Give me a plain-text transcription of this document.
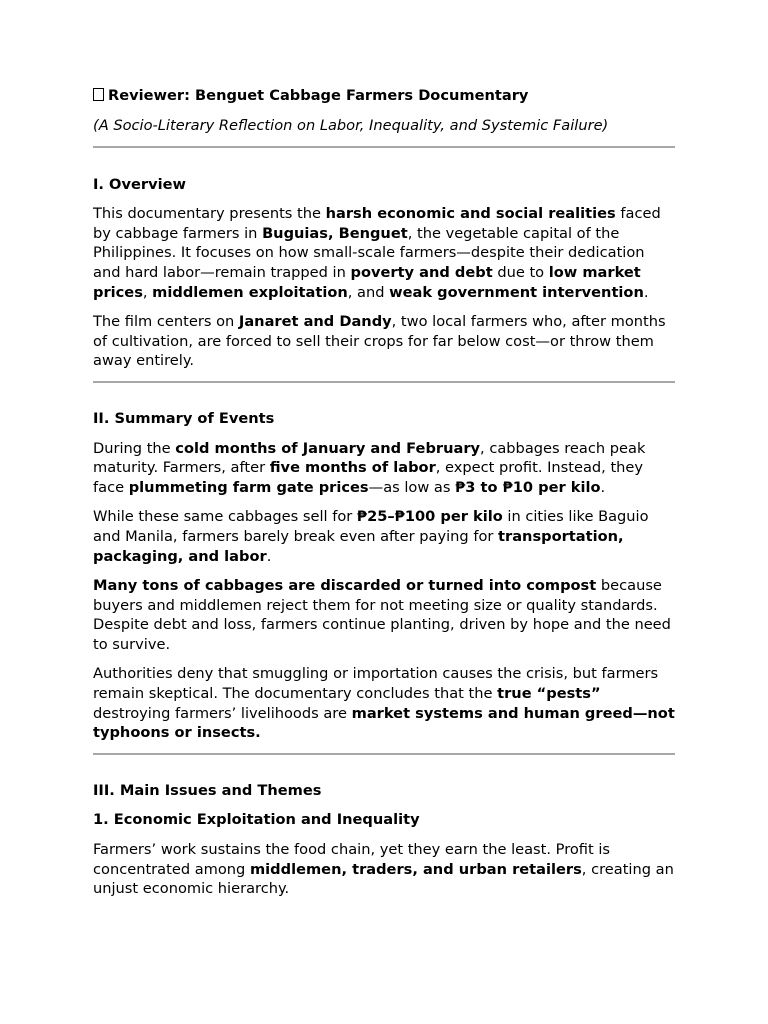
Reviewer: Benguet Cabbage Farmers Documentary

(A Socio-Literary Reflection on Labor, Inequality, and Systemic Failure)

I. Overview

This documentary presents the harsh economic and social realities faced by cabbage farmers in Buguias, Benguet, the vegetable capital of the Philippines. It focuses on how small-scale farmers—despite their dedication and hard labor—remain trapped in poverty and debt due to low market prices, middlemen exploitation, and weak government intervention.

The film centers on Janaret and Dandy, two local farmers who, after months of cultivation, are forced to sell their crops for far below cost—or throw them away entirely.

II. Summary of Events

During the cold months of January and February, cabbages reach peak maturity. Farmers, after five months of labor, expect profit. Instead, they face plummeting farm gate prices—as low as ₱3 to ₱10 per kilo.

While these same cabbages sell for ₱25–₱100 per kilo in cities like Baguio and Manila, farmers barely break even after paying for transportation, packaging, and labor.

Many tons of cabbages are discarded or turned into compost because buyers and middlemen reject them for not meeting size or quality standards. Despite debt and loss, farmers continue planting, driven by hope and the need to survive.

Authorities deny that smuggling or importation causes the crisis, but farmers remain skeptical. The documentary concludes that the true “pests” destroying farmers’ livelihoods are market systems and human greed—not typhoons or insects.

III. Main Issues and Themes
1. Economic Exploitation and Inequality

Farmers’ work sustains the food chain, yet they earn the least. Profit is concentrated among middlemen, traders, and urban retailers, creating an unjust economic hierarchy.
